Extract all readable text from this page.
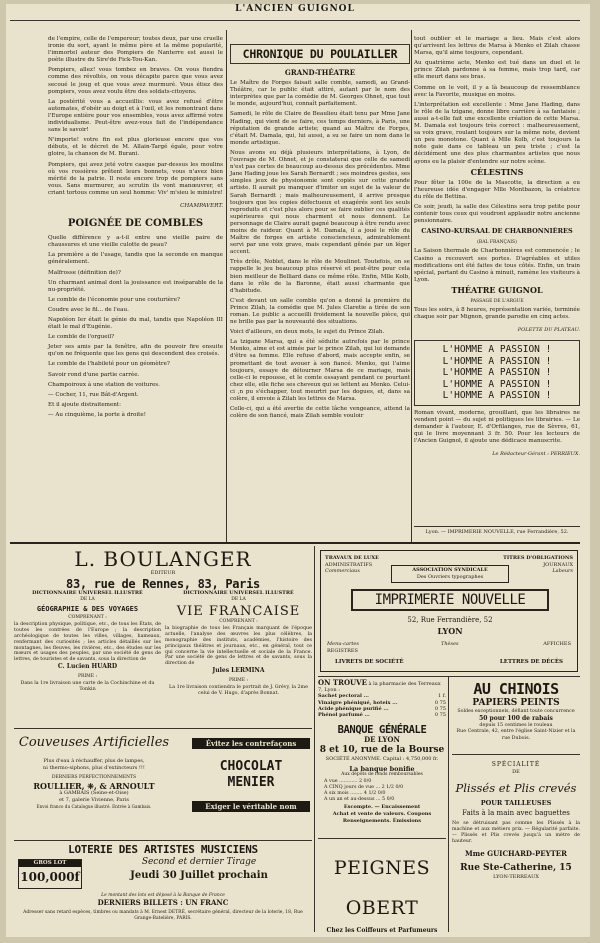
L'ANCIEN GUIGNOL

de l'empire, celle de l'empereur; toutes deux, par une cruelle ironie du sort, ayant le même père et la même popularité, l'immortel auteur des Pompiers de Nanterre est aussi le poète illustre du Sire'de Fick-Tou-Kan.

Pompiers, allez! vous tombez en braves. On vous fiendra comme des révoltés, on vous décapite parce que vous avez secoué le joug et que vous avez murmuré. Vous étiez des pompiers, vous avez voulu être des soldats-citoyens.

La postérité vous a accueillis: vous avez refusé d'être automates, d'obéir au doigt et à l'œil, et les remontrant dans l'Europe entière pour vos ensembles, vous avez affirmé votre individualisme. Peut-être avez-vous fait de l'indépendance sans le savoir!

N'importe! votre fin est plus glorieuse encore que vos débuts, et le décret de M. Allain-Targé égale, pour votre gloire, la chanson de M. Burani.

Pompiers, qui avez jeté votre casque par-dessus les moulins où vos rossières prêtent leurs bonnets, vous n'avez bien mérité de la patrie. Il reste encore trop de pompiers sans vous. Sans murmurer, au scrutin ils vont manœuvrer, et criant tortous comme un seul homme: Viv' m'sieu le ministre!

CHAMPAVERT.
POIGNÉE DE COMBLES

Quelle différence y a-t-il entre une vieille paire de chaussures et une vieille culotte de peau?

La première a de l'usage, tandis que la seconde en manque généralement.

Malfrosse (définition de)?

Un charmant animal dont la jouissance est inséparable de la nu-propriété.

Le comble de l'économie pour une couturière?

Coudre avec le fil... de l'eau.

Napoléon Ier était le génie du mal, tandis que Napoléon III était le mal d'Eugénie.

Le comble de l'orgueil?

Jeter ses amis par la fenêtre, afin de pouvoir fire ensuite qu'on ne fréquente que les gens qui descendent des croisés.

Le comble de l'habileté pour un géomètre?

Savoir rond d'une partie carrée.

Champoiroux à une station de voitures.

— Cocher, 11, rue Bât-d'Argent.

Et il ajoute distraitement:

— Au cinquième, la porte à droite!

CHRONIQUE DU POULAILLER
GRAND-THÉATRE

Le Maître de Forges faisait salle comble, samedi, au Grand-Théâtre, car le public était attiré, autant par le nom des interprètes que par la comédie de M. Georges Ohnet, que tout le monde, aujourd'hui, connaît parfaitement.

Samedi, le rôle de Claire de Beaulieu était tenu par Mme Jane Hading, qui vient de se faire, ces temps derniers, à Paris, une réputation de grande artiste; quand au Maître de Forges, c'était M. Damala, qui, lui aussi, a su se faire un nom dans le monde artistique.

Nous avons eu déjà plusieurs interprétations, à Lyon, de l'ouvrage de M. Ohnet, et je constaterai que celle de samedi n'est pas certes de beaucoup au-dessus des précédentes. Mme Jane Hading joue les Sarah Bernardt ; ses moindres gestes, ses simples jeux de physionomie sont copiés sur cette grande artiste. Il aurait pu manquer d'imiter un sujet de la valeur de Sarah Bernardt ; mais malheureusement, il arrive presque toujours que les copies défectueux et exagérés sont les seuls reproduits et c'est plus alors pour se faire oublier ces qualités supérieures qui nous charment et nous donnent. Le personnage de Claire aurait gagné beaucoup à être rendu avec moins de raideur. Quant à M. Damala, il a joué le rôle du Maître de forges en artiste consciencieux, admirablement servi par une voix grave, mais cependant gênée par un léger accent.

Très drôle, Noblet, dans le rôle de Moulinet. Toutefois, on se rappelle le jeu beaucoup plus réservé et peut-être pour cela bien meilleur de Belliard dans ce même rôle. Enfin, Mlle Kolb, dans le rôle de la Baronne, était aussi charmante que d'habitude.

C'est devant un salle comble qu'on a donné la première du Prince Zilah, la comédie que M. Jules Claretie a tirée de son roman. Le public a accueilli froidement la nouvelle pièce, qui ne brille pas par la nouveauté des situations.

Voici d'ailleurs, en deux mots, le sujet du Prince Zilah.

La tzigane Marsa, qui a été séduite autrefois par le prince Menko, aime et est aimée par le prince Zilah, qui lui demande d'être sa femme. Elle refuse d'abord, mais accepte enfin, se promettant de tout avouer à son fiancé. Menko, qui l'aime toujours, essaye de détourner Marsa de ce mariage, mais celle-ci le repousse, et le comte essayant pendant ce pourtant chez elle, elle fiche ses cheveux qui se lettent au Menko. Celui-ci ,n pu s'échapper, tout meurtri par les dogues, et, dans sa colère, il envoie à Zilah les lettres de Marsa.

Celle-ci, qui a été avertie de cette lâche vengeance, attend la colère de son fiancé, mais Zilah semble vouloir

tout oublier et le mariage a lieu. Mais c'est alors qu'arrivent les lettres de Marsa à Menko et Zilah chasse Marsa, qu'il aime toujours, cependant.

Au quatrième acte, Menko est tué dans un duel et le prince Zilah pardonne à sa femme, mais trop tard, car elle meurt dans ses bras.

Comme on le voit, il y a là beaucoup de ressemblance avec la Favorite, musique en moins.

L'interprétation est excellente : Mme Jane Hading, dans le rôle de la tzigane, donne libre carrière à sa fantaisie ; aussi a-t-elle fait une excellente création de cette Marsa. M. Damala est toujours très correct : malheureusement, sa voix grave, roulant toujours sur la même note, devient un peu monotone. Quant à Mlle Kolb, c'est toujours la note gaie dans ce tableau un peu triste ; c'est la décidément une des plus charmantes artistes que nous ayons eu la plaisir d'entendre sur notre scène.

CÉLESTINS

Pour fêter la 100e de la Mascotte, la direction a eu l'heureuse idée d'engager Mlle Montbazon, la créatrice du rôle de Bettina.

Ce soir, jeudi, la salle des Célestins sera trop petite pour contenir tous ceux qui voudront applaudir notre ancienne pensionnaire.

CASINO-KURSAAL DE CHARBONNIÈRES
(BAL FRANÇAIS)

La Saison thermale de Charbonnières est commencée ; le Casino a recouvert ses portes. D'agréables et utiles modifications ont été faites de tous côtés. Enfin, un train spécial, partant du Casino à minuit, ramène les visiteurs à Lyon.

THÉATRE GUIGNOL
PASSAGE DE L'ARGUE

Tous les soirs, à 8 heures, représentation variée, terminée chaque soir par Mignon, grande parodie en cinq actes.

POLETTE DU PLATEAU.
L'HOMME A PASSION !
L'HOMME A PASSION !
L'HOMME A PASSION !
L'HOMME A PASSION !
L'HOMME A PASSION !

Roman vivant, moderne, grouillant, que les libraires ne vendent point — du sujet ni politiques les librairies. — Le demander à l'auteur, E. d'Orfilanges, rue de Sèvres, 61, qui le livre moyennant 3 fr. 50. Pour les lecteurs de l'Ancien Guignol, il ajoute une dédicace manuscrite.

Le Rédacteur-Gérant : PERRIEUX.
Lyon. — IMPRIMERIE NOUVELLE, rue Ferrandière, 52.
L. BOULANGER
ÉDITEUR
83, rue de Rennes, 83, Paris
DICTIONNAIRE UNIVERSEL ILLUSTRÉ
DE LA
GÉOGRAPHIE & DES VOYAGES
COMPRENANT :
la description physique, politique, etc., de tous les États, de toutes les contrées de l'Europe ; la description archéologique de toutes les villes, villages, hameaux, renfermant des curiosités ; les articles détaillés sur les montagnes, les fleuves, les rivières, etc., des études sur les mœurs et usages des peuples, par une société de gens de lettres, de touristes et de savants, sous la direction de
C. Lucien HUARD
PRIME :
Dans la 1re livraison une carte de la Cochinchine et du Tonkin
DICTIONNAIRE UNIVERSEL ILLUSTRÉ
DE LA
VIE FRANCAISE
COMPRENANT :
la biographie de tous les Français marquant de l'époque actuelle, l'analyse des œuvres les plus célèbres, la monographie des instituts, académies, l'histoire des principaux théâtres et journaux, etc., en général, tout ce qui concerne la vie intellectuelle et sociale de la France. Par une société de gens de lettres et de savants, sous la direction de
Jules LERMINA
PRIME :
La 1re livraison contiendra le portrait de J. Grévy, la 2me celui de V. Hugo, d'après Bonnat.
TRAVAUX DE LUXE
ADMINISTRATIFS
Commerciaux
TITRES D'OBLIGATIONS
JOURNAUX
Labeurs
ASSOCIATION SYNDICALE
Des Ouvriers typographes
IMPRIMERIE NOUVELLE
52, Rue Ferrandière, 52
LYON
Menu-cartes
REGISTRES
Thèses	AFFICHES
LIVRETS DE SOCIÉTÉ	LETTRES DE DÉCÈS
Couveuses Artificielles
Plus d'eau à réchauffer, plus de lampes,
ni thermo-siphons, plus d'extincteurs !!!
DERNIERS PERFECTIONNEMENTS
ROULLIER, ❈, & ARNOULT
à GAMBAIS (Seine-et-Oise)
et 7, galerie Vivienne, Paris
Envoi franco du Catalogue illustré. Entrée à Gambais.
Évitez les contrefaçons
CHOCOLAT
MENIER
Exiger le véritable nom
LOTERIE DES ARTISTES MUSICIENS
GROS LOT
100,000f
Second et dernier Tirage
Jeudi 30 Juillet prochain
Le montant des lots est déposé à la Banque de France
DERNIERS BILLETS : UN FRANC
Adresser sans retard espèces, timbres ou mandats à M. Ernest DETRÉ, secrétaire général, directeur de la loterie, 18, Rue Grange-Batelière, PARIS.
ON TROUVE à la pharmacie des Terreaux 7, Lyon :
Sachet pectoral ...	1 f.
Vinaigre phéniqué, hoteix ...	0 75
Acide phénique purifié ...	0 75
Phénol parfumé ...	0 75
BANQUE GÉNÉRALE
DE LYON
8 et 10, rue de la Bourse
SOCIÉTÉ ANONYME. Capital : 4,750,000 fr.
La banque bonifie
Aux dépôts de fonds remboursables
A vue ............ 2 0/0
A CINQ jours de vue ... 2 1/2 0/0
A six mois ........ 4 1/2 0/0
A un an et au-dessus ... 5 0/0
Escompte. — Encaissement
Achat et vente de valeurs. Coupons
Renseignements. Émissions
PEIGNES OBERT
Chez les Coiffeurs et Parfumeurs
AU CHINOIS
PAPIERS PEINTS
Soldes exceptionnels, défiant toute concurrence
50 pour 100 de rabais
depuis 15 centimes le rouleau
Rue Centrale, 42, entre l'église Saint-Nizier et la rue Dubois.
SPÉCIALITÉ
DE
Plissés et Plis crevés
POUR TAILLEUSES
Faits à la main avec baguettes
Ne se détruisant pas comme les Plissés à la machine et aux métiers prix. — Régularité parfaite. — Plissés et Plis crevés jusqu'à un mètre de hauteur.
Mme GUICHARD-PEYTER
Rue Ste-Catherine, 15
LYON-TERREAUX
